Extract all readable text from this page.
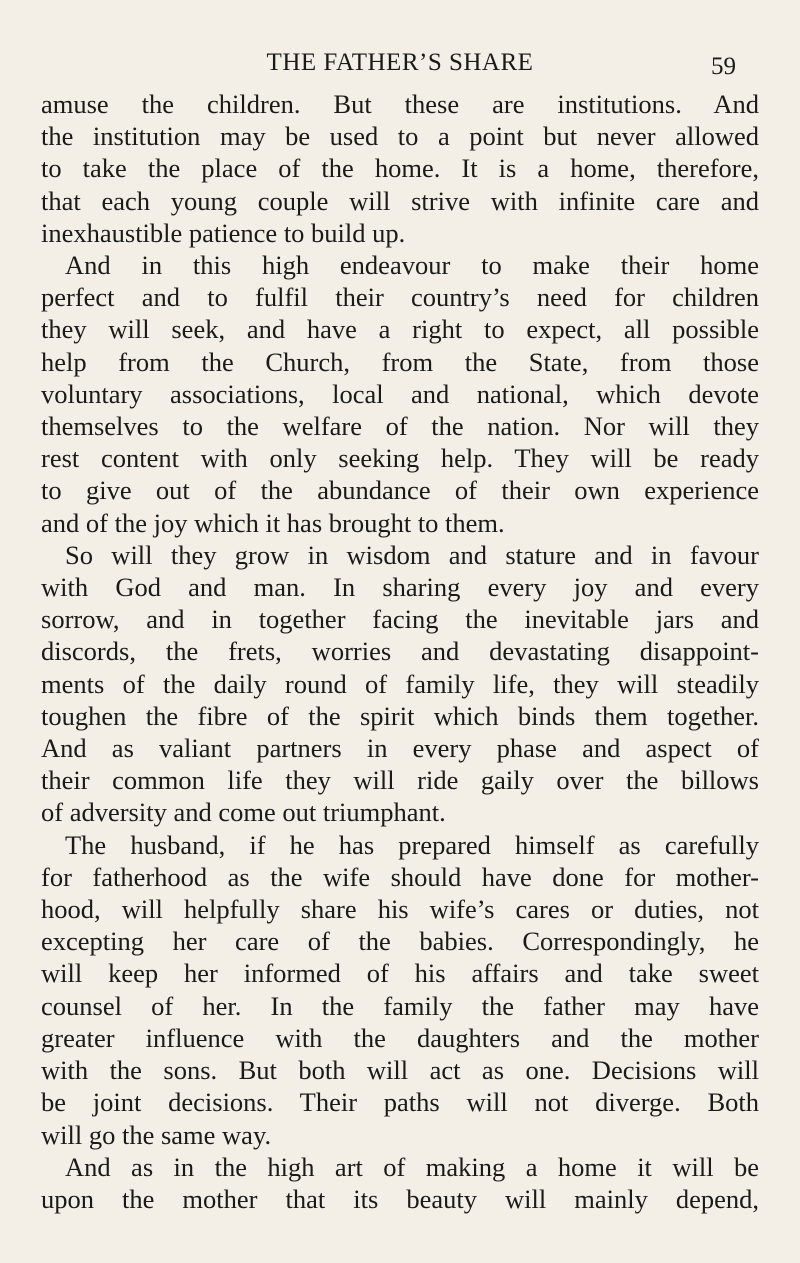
THE FATHER’S SHARE	59
amuse the children. But these are institutions. And
the institution may be used to a point but never allowed
to take the place of the home. It is a home, therefore,
that each young couple will strive with infinite care and
inexhaustible patience to build up.
And in this high endeavour to make their home
perfect and to fulfil their country’s need for children
they will seek, and have a right to expect, all possible
help from the Church, from the State, from those
voluntary associations, local and national, which devote
themselves to the welfare of the nation. Nor will they
rest content with only seeking help. They will be ready
to give out of the abundance of their own experience
and of the joy which it has brought to them.
So will they grow in wisdom and stature and in favour
with God and man. In sharing every joy and every
sorrow, and in together facing the inevitable jars and
discords, the frets, worries and devastating disappoint-
ments of the daily round of family life, they will steadily
toughen the fibre of the spirit which binds them together.
And as valiant partners in every phase and aspect of
their common life they will ride gaily over the billows
of adversity and come out triumphant.
The husband, if he has prepared himself as carefully
for fatherhood as the wife should have done for mother-
hood, will helpfully share his wife’s cares or duties, not
excepting her care of the babies. Correspondingly, he
will keep her informed of his affairs and take sweet
counsel of her. In the family the father may have
greater influence with the daughters and the mother
with the sons. But both will act as one. Decisions will
be joint decisions. Their paths will not diverge. Both
will go the same way.
And as in the high art of making a home it will be
upon the mother that its beauty will mainly depend,
